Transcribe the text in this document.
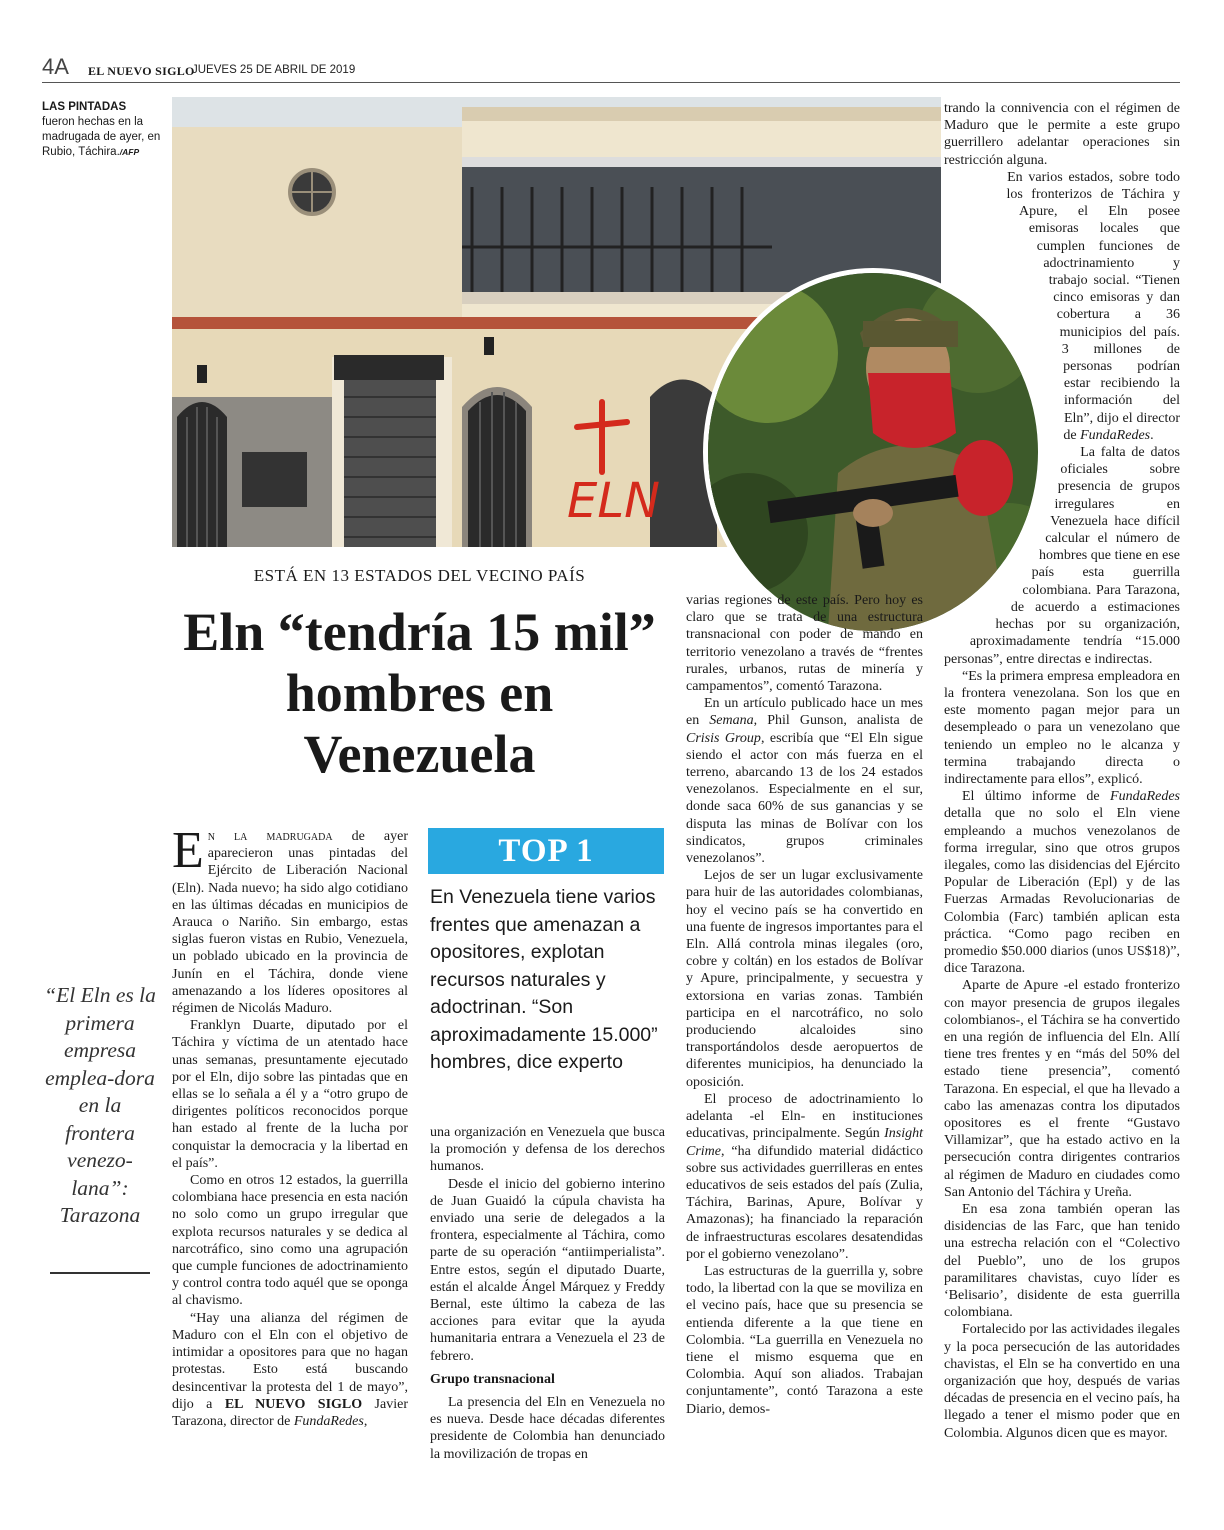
4A EL NUEVO SIGLO
JUEVES 25 DE ABRIL DE 2019
LAS PINTADAS
fueron hechas en la madrugada de ayer, en Rubio, Táchira./AFP
ELN
ESTÁ EN 13 ESTADOS DEL VECINO PAÍS
Eln “tendría 15 mil” hombres en Venezuela
“El Eln es la primera empresa emplea-dora en la frontera venezo-lana”: Tarazona

En la madrugada de ayer aparecieron unas pintadas del Ejército de Liberación Nacional (Eln). Nada nuevo; ha sido algo cotidiano en las últimas décadas en municipios de Arauca o Nariño. Sin embargo, estas siglas fueron vistas en Rubio, Venezuela, un poblado ubicado en la provincia de Junín en el Táchira, donde viene amenazando a los líderes opositores al régimen de Nicolás Maduro.

Franklyn Duarte, diputado por el Táchira y víctima de un atentado hace unas semanas, presuntamente ejecutado por el Eln, dijo sobre las pintadas que en ellas se lo señala a él y a “otro grupo de dirigentes políticos reconocidos porque han estado al frente de la lucha por conquistar la democracia y la libertad en el país”.

Como en otros 12 estados, la guerrilla colombiana hace presencia en esta nación no solo como un grupo irregular que explota recursos naturales y se dedica al narcotráfico, sino como una agrupación que cumple funciones de adoctrinamiento y control contra todo aquél que se oponga al chavismo.

“Hay una alianza del régimen de Maduro con el Eln con el objetivo de intimidar a opositores para que no hagan protestas. Esto está buscando desincentivar la protesta del 1 de mayo”, dijo a EL NUEVO SIGLO Javier Tarazona, director de FundaRedes,

TOP 1
En Venezuela tiene varios frentes que amenazan a opositores, explotan recursos naturales y adoctrinan. “Son aproximadamente 15.000” hombres, dice experto

una organización en Venezuela que busca la promoción y defensa de los derechos humanos.

Desde el inicio del gobierno interino de Juan Guaidó la cúpula chavista ha enviado una serie de delegados a la frontera, especialmente al Táchira, como parte de su operación “antiimperialista”. Entre estos, según el diputado Duarte, están el alcalde Ángel Márquez y Freddy Bernal, este último la cabeza de las acciones para evitar que la ayuda humanitaria entrara a Venezuela el 23 de febrero.

Grupo transnacional

La presencia del Eln en Venezuela no es nueva. Desde hace décadas diferentes presidente de Colombia han denunciado la movilización de tropas en

varias regiones de este país. Pero hoy es claro que se trata de una estructura transnacional con poder de mando en territorio venezolano a través de “frentes rurales, urbanos, rutas de minería y campamentos”, comentó Tarazona.

En un artículo publicado hace un mes en Semana, Phil Gunson, analista de Crisis Group, escribía que “El Eln sigue siendo el actor con más fuerza en el terreno, abarcando 13 de los 24 estados venezolanos. Especialmente en el sur, donde saca 60% de sus ganancias y se disputa las minas de Bolívar con los sindicatos, grupos criminales venezolanos”.

Lejos de ser un lugar exclusivamente para huir de las autoridades colombianas, hoy el vecino país se ha convertido en una fuente de ingresos importantes para el Eln. Allá controla minas ilegales (oro, cobre y coltán) en los estados de Bolívar y Apure, principalmente, y secuestra y extorsiona en varias zonas. También participa en el narcotráfico, no solo produciendo alcaloides sino transportándolos desde aeropuertos de diferentes municipios, ha denunciado la oposición.

El proceso de adoctrinamiento lo adelanta -el Eln- en instituciones educativas, principalmente. Según Insight Crime, “ha difundido material didáctico sobre sus actividades guerrilleras en entes educativos de seis estados del país (Zulia, Táchira, Barinas, Apure, Bolívar y Amazonas); ha financiado la reparación de infraestructuras escolares desatendidas por el gobierno venezolano”.

Las estructuras de la guerrilla y, sobre todo, la libertad con la que se moviliza en el vecino país, hace que su presencia se entienda diferente a la que tiene en Colombia. “La guerrilla en Venezuela no tiene el mismo esquema que en Colombia. Aquí son aliados. Trabajan conjuntamente”, contó Tarazona a este Diario, demos-

trando la connivencia con el régimen de Maduro que le permite a este grupo guerrillero adelantar operaciones sin restricción alguna.

En varios estados, sobre todo los fronterizos de Táchira y Apure, el Eln posee emisoras locales que cumplen funciones de adoctrinamiento y trabajo social. “Tienen cinco emisoras y dan cobertura a 36 municipios del país. 3 millones de personas podrían estar recibiendo la información del Eln”, dijo el director de FundaRedes.

La falta de datos oficiales sobre presencia de grupos irregulares en Venezuela hace difícil calcular el número de hombres que tiene en ese país esta guerrilla colombiana. Para Tarazona, de acuerdo a estimaciones hechas por su organización, aproximadamente tendría “15.000 personas”, entre directas e indirectas.

“Es la primera empresa empleadora en la frontera venezolana. Son los que en este momento pagan mejor para un desempleado o para un venezolano que teniendo un empleo no le alcanza y termina trabajando directa o indirectamente para ellos”, explicó.

El último informe de FundaRedes detalla que no solo el Eln viene empleando a muchos venezolanos de forma irregular, sino que otros grupos ilegales, como las disidencias del Ejército Popular de Liberación (Epl) y de las Fuerzas Armadas Revolucionarias de Colombia (Farc) también aplican esta práctica. “Como pago reciben en promedio $50.000 diarios (unos US$18)”, dice Tarazona.

Aparte de Apure -el estado fronterizo con mayor presencia de grupos ilegales colombianos-, el Táchira se ha convertido en una región de influencia del Eln. Allí tiene tres frentes y en “más del 50% del estado tiene presencia”, comentó Tarazona. En especial, el que ha llevado a cabo las amenazas contra los diputados opositores es el frente “Gustavo Villamizar”, que ha estado activo en la persecución contra dirigentes contrarios al régimen de Maduro en ciudades como San Antonio del Táchira y Ureña.

En esa zona también operan las disidencias de las Farc, que han tenido una estrecha relación con el “Colectivo del Pueblo”, uno de los grupos paramilitares chavistas, cuyo líder es ‘Belisario’, disidente de esta guerrilla colombiana.

Fortalecido por las actividades ilegales y la poca persecución de las autoridades chavistas, el Eln se ha convertido en una organización que hoy, después de varias décadas de presencia en el vecino país, ha llegado a tener el mismo poder que en Colombia. Algunos dicen que es mayor.
